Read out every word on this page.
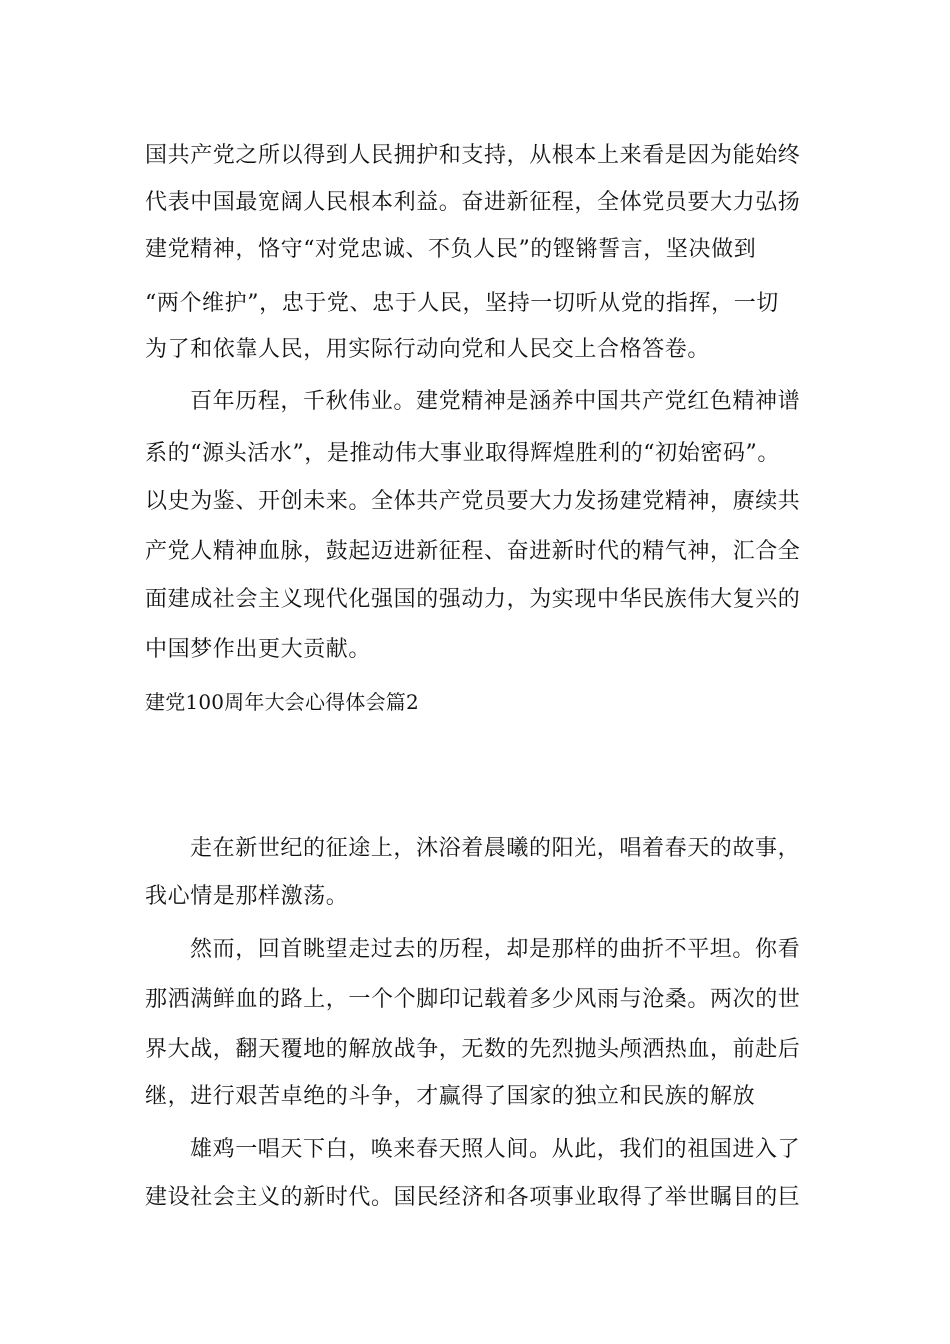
国共产党之所以得到人民拥护和支持，从根本上来看是因为能始终
代表中国最宽阔人民根本利益。奋进新征程，全体党员要大力弘扬
建党精神，恪守“对党忠诚、不负人民”的铿锵誓言，坚决做到
“两个维护”，忠于党、忠于人民，坚持一切听从党的指挥，一切
为了和依靠人民，用实际行动向党和人民交上合格答卷。
百年历程，千秋伟业。建党精神是涵养中国共产党红色精神谱
系的“源头活水”，是推动伟大事业取得辉煌胜利的“初始密码”。
以史为鉴、开创未来。全体共产党员要大力发扬建党精神，赓续共
产党人精神血脉，鼓起迈进新征程、奋进新时代的精气神，汇合全
面建成社会主义现代化强国的强动力，为实现中华民族伟大复兴的
中国梦作出更大贡献。
建党100周年大会心得体会篇2
走在新世纪的征途上，沐浴着晨曦的阳光，唱着春天的故事，
我心情是那样激荡。
然而，回首眺望走过去的历程，却是那样的曲折不平坦。你看
那洒满鲜血的路上，一个个脚印记载着多少风雨与沧桑。两次的世
界大战，翻天覆地的解放战争，无数的先烈抛头颅洒热血，前赴后
继，进行艰苦卓绝的斗争，才赢得了国家的独立和民族的解放
雄鸡一唱天下白，唤来春天照人间。从此，我们的祖国进入了
建设社会主义的新时代。国民经济和各项事业取得了举世瞩目的巨
